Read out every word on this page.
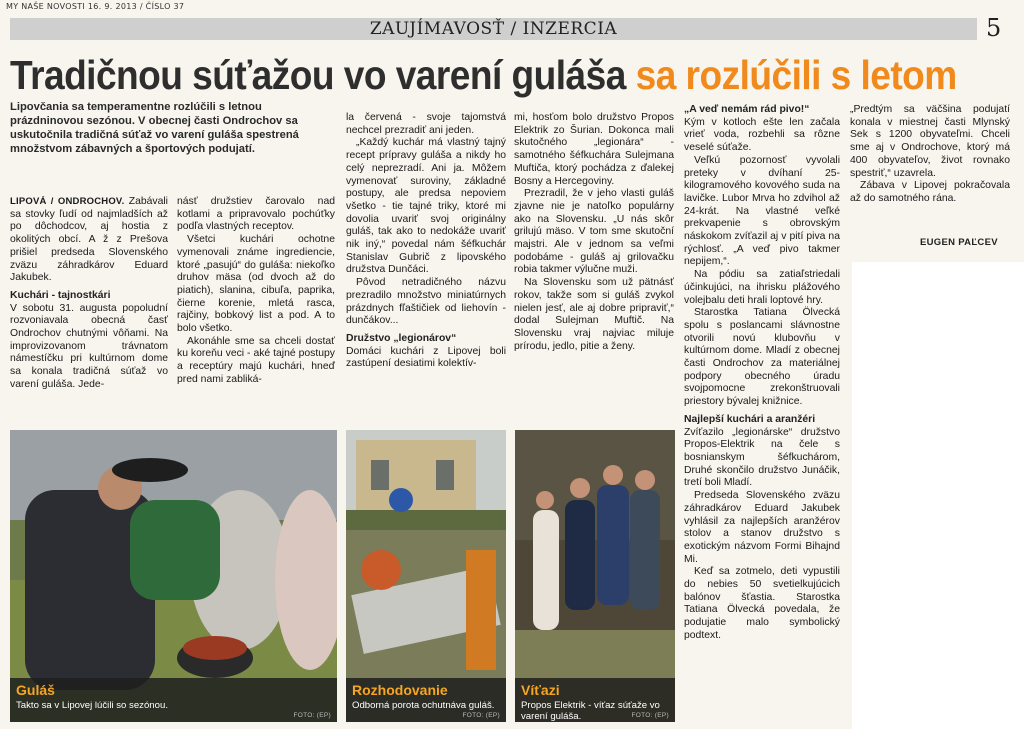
MY NAŠE NOVOSTI 16. 9. 2013 / ČÍSLO 37
ZAUJÍMAVOSŤ / INZERCIA	5
Tradičnou súťažou vo varení guláša sa rozlúčili s letom
Lipovčania sa temperamentne rozlúčili s letnou prázdninovou sezónou. V obecnej časti Ondrochov sa uskutočnila tradičná súťaž vo varení guláša spestrená množstvom zábavných a športových podujatí.

LIPOVÁ / ONDROCHOV. Zabávali sa stovky ľudí od najmladších až po dôchodcov, aj hostia z okolitých obcí. A ž z Prešova prišiel predseda Slovenského zväzu záhradkárov Eduard Jakubek.

Kuchári - tajnostkári

V sobotu 31. augusta popoludní rozvoniavala obecná časť Ondrochov chutnými vôňami. Na improvizovanom trávnatom námestíčku pri kultúrnom dome sa konala tradičná súťaž vo varení guláša. Jede-

násť družstiev čarovalo nad kotlami a pripravovalo pochúťky podľa vlastných receptov.

Všetci kuchári ochotne vymenovali známe ingrediencie, ktoré „pasujú“ do guláša: niekoľko druhov mäsa (od dvoch až do piatich), slanina, cibuľa, paprika, čierne korenie, mletá rasca, rajčiny, bobkový list a pod. A to bolo všetko.

Akonáhle sme sa chceli dostať ku koreňu veci - aké tajné postupy a receptúry majú kuchári, hneď pred nami zabliká-

la červená - svoje tajomstvá nechcel prezradiť ani jeden.

„Každý kuchár má vlastný tajný recept prípravy guláša a nikdy ho celý neprezradí. Ani ja. Môžem vymenovať suroviny, základné postupy, ale predsa nepoviem všetko - tie tajné triky, ktoré mi dovolia uvariť svoj originálny guláš, tak ako to nedokáže uvariť nik iný,“ povedal nám šéfkuchár Stanislav Gubrič z lipovského družstva Dunčáci.

Pôvod netradičného názvu prezradilo množstvo miniatúrnych prázdnych fľaštičiek od liehovín - dunčákov...

Družstvo „legionárov“

Domáci kuchári z Lipovej boli zastúpení desiatimi kolektív-

mi, hosťom bolo družstvo Propos Elektrik zo Šurian. Dokonca mali skutočného „legionára“ - samotného šéfkuchára Sulejmana Muftiča, ktorý pochádza z ďalekej Bosny a Hercegoviny.

Prezradil, že v jeho vlasti guláš zjavne nie je natoľko populárny ako na Slovensku. „U nás skôr grilujú mäso. V tom sme skutoční majstri. Ale v jednom sa veľmi podobáme - guláš aj grilovačku robia takmer výlučne muži.

Na Slovensku som už pätnásť rokov, takže som si guláš zvykol nielen jesť, ale aj dobre pripraviť,“ dodal Sulejman Muftič. Na Slovensku vraj najviac miluje prírodu, jedlo, pitie a ženy.

„A veď nemám rád pivo!“

Kým v kotloch ešte len začala vrieť voda, rozbehli sa rôzne veselé súťaže.

Veľkú pozornosť vyvolali preteky v dvíhaní 25-kilogramového kovového suda na lavičke. Lubor Mrva ho zdvihol až 24-krát. Na vlastné veľké prekvapenie s obrovským náskokom zvíťazil aj v pití piva na rýchlosť. „A veď pivo takmer nepijem,“.

Na pódiu sa zatiaľstriedali účinkujúci, na ihrisku plážového volejbalu deti hrali loptové hry.

Starostka Tatiana Ölvecká spolu s poslancami slávnostne otvorili novú klubovňu v kultúrnom dome. Mladí z obecnej časti Ondrochov za materiálnej podpory obecného úradu svojpomocne zrekonštruovali priestory bývalej knižnice.

Najlepší kuchári a aranžéri

Zvíťazilo „legionárske“ družstvo Propos-Elektrik na čele s bosnianskym šéfkuchárom, Druhé skončilo družstvo Junáčik, tretí boli Mladí.

Predseda Slovenského zväzu záhradkárov Eduard Jakubek vyhlásil za najlepších aranžérov stolov a stanov družstvo s exotickým názvom Formi Bihajnd Mi.

Keď sa zotmelo, deti vypustili do nebies 50 svetielkujúcich balónov šťastia. Starostka Tatiana Ölvecká povedala, že podujatie malo symbolický podtext.

„Predtým sa väčšina podujatí konala v miestnej časti Mlynský Sek s 1200 obyvateľmi. Chceli sme aj v Ondrochove, ktorý má 400 obyvateľov, život rovnako spestriť,“ uzavrela.

Zábava v Lipovej pokračovala až do samotného rána.

EUGEN PAĽCEV
Guláš
Takto sa v Lipovej lúčili so sezónou.
FOTO: (EP)
Rozhodovanie
Odborná porota ochutnáva guláš.
FOTO: (EP)
Víťazi
Propos Elektrik - víťaz súťaže vo varení guláša.	FOTO: (EP)
